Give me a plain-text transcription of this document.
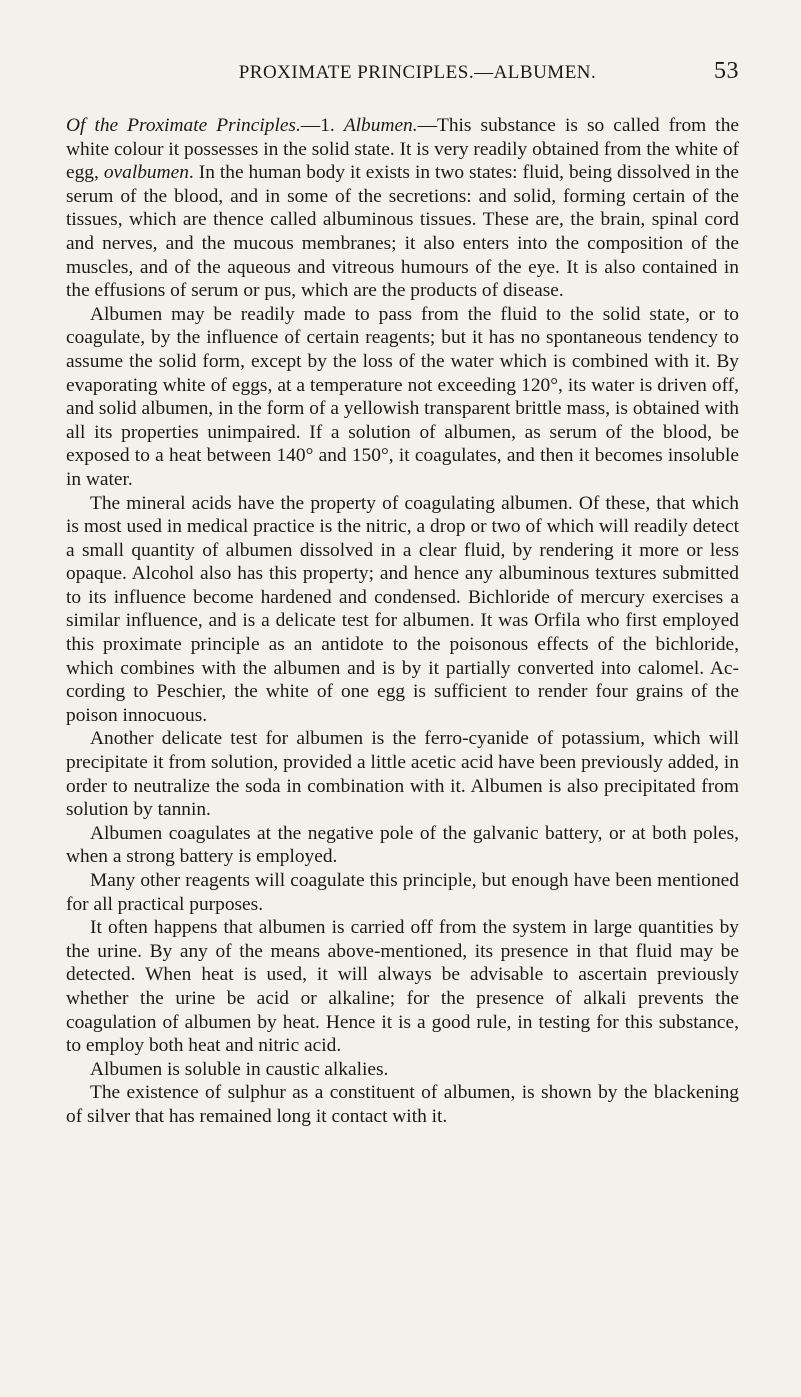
PROXIMATE PRINCIPLES.—ALBUMEN.	53

Of the Proximate Principles.—1. Albumen.—This substance is so called from the white colour it possesses in the solid state. It is very readily obtained from the white of egg, ovalbumen. In the human body it exists in two states: fluid, being dissolved in the serum of the blood, and in some of the secretions: and solid, forming certain of the tissues, which are thence called albuminous tissues. These are, the brain, spinal cord and nerves, and the mucous membranes; it also enters into the composition of the muscles, and of the aqueous and vitreous humours of the eye. It is also contained in the effusions of serum or pus, which are the products of disease.

Albumen may be readily made to pass from the fluid to the solid state, or to coagulate, by the influence of certain reagents; but it has no spontaneous tendency to assume the solid form, except by the loss of the water which is combined with it. By evaporating white of eggs, at a temperature not exceeding 120°, its water is driven off, and solid albumen, in the form of a yellowish transparent brittle mass, is obtained with all its properties unimpaired. If a solution of albumen, as serum of the blood, be exposed to a heat between 140° and 150°, it coagulates, and then it becomes insoluble in water.

The mineral acids have the property of coagulating albumen. Of these, that which is most used in medical practice is the nitric, a drop or two of which will readily detect a small quantity of albumen dissolved in a clear fluid, by rendering it more or less opaque. Alcohol also has this property; and hence any albuminous textures submitted to its influence become hardened and condensed. Bichloride of mercury exercises a similar influence, and is a delicate test for albumen. It was Orfila who first employed this proximate principle as an antidote to the poisonous effects of the bichloride, which combines with the albumen and is by it partially converted into calomel. According to Peschier, the white of one egg is sufficient to render four grains of the poison innocuous.

Another delicate test for albumen is the ferro-cyanide of potassium, which will precipitate it from solution, provided a little acetic acid have been previously added, in order to neutralize the soda in combination with it. Albumen is also precipitated from solution by tannin.

Albumen coagulates at the negative pole of the galvanic battery, or at both poles, when a strong battery is employed.

Many other reagents will coagulate this principle, but enough have been mentioned for all practical purposes.

It often happens that albumen is carried off from the system in large quantities by the urine. By any of the means above-mentioned, its presence in that fluid may be detected. When heat is used, it will always be advisable to ascertain previously whether the urine be acid or alkaline; for the presence of alkali prevents the coagulation of albumen by heat. Hence it is a good rule, in testing for this substance, to employ both heat and nitric acid.

Albumen is soluble in caustic alkalies.

The existence of sulphur as a constituent of albumen, is shown by the blackening of silver that has remained long it contact with it.
